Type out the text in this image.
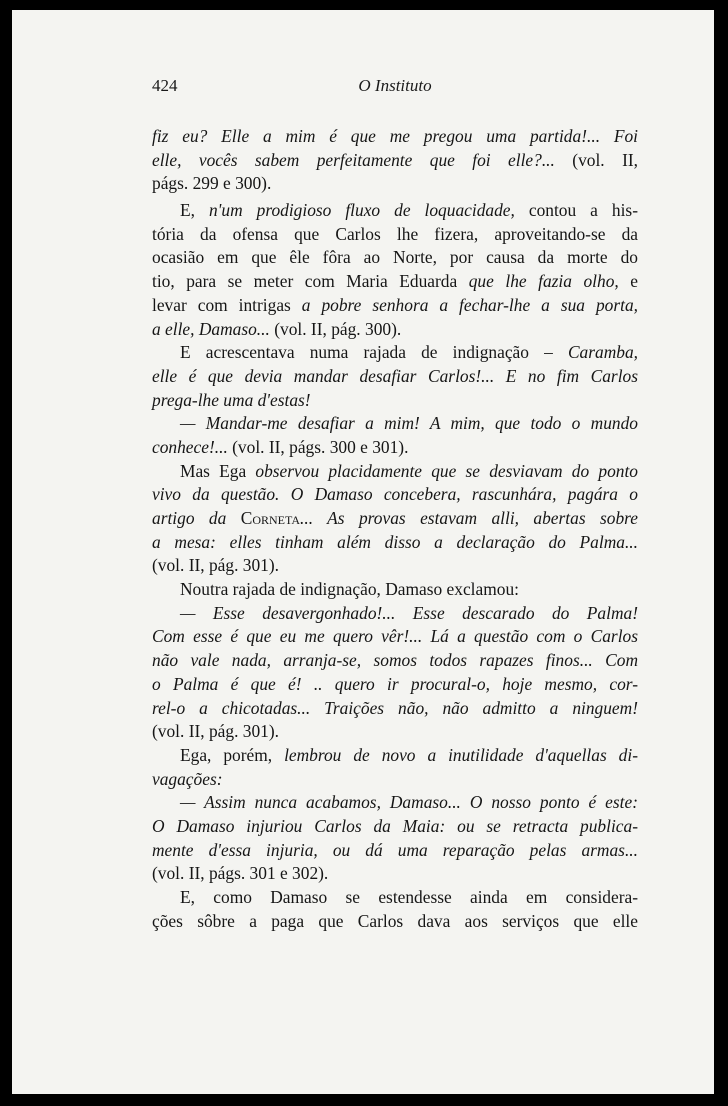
424	O Instituto
fiz eu? Elle a mim é que me pregou uma partida!... Foi
elle, vocês sabem perfeitamente que foi elle?... (vol. II,
págs. 299 e 300).
E, n'um prodigioso fluxo de loquacidade, contou a his-
tória da ofensa que Carlos lhe fizera, aproveitando-se da
ocasião em que êle fôra ao Norte, por causa da morte do
tio, para se meter com Maria Eduarda que lhe fazia olho, e
levar com intrigas a pobre senhora a fechar-lhe a sua porta,
a elle, Damaso... (vol. II, pág. 300).
E acrescentava numa rajada de indignação – Caramba,
elle é que devia mandar desafiar Carlos!... E no fim Carlos
prega-lhe uma d'estas!
— Mandar-me desafiar a mim! A mim, que todo o mundo
conhece!... (vol. II, págs. 300 e 301).
Mas Ega observou placidamente que se desviavam do ponto
vivo da questão. O Damaso concebera, rascunhára, pagára o
artigo da Corneta... As provas estavam alli, abertas sobre
a mesa: elles tinham além disso a declaração do Palma...
(vol. II, pág. 301).
Noutra rajada de indignação, Damaso exclamou:
— Esse desavergonhado!... Esse descarado do Palma!
Com esse é que eu me quero vêr!... Lá a questão com o Carlos
não vale nada, arranja-se, somos todos rapazes finos... Com
o Palma é que é! .. quero ir procural-o, hoje mesmo, cor-
rel-o a chicotadas... Traições não, não admitto a ninguem!
(vol. II, pág. 301).
Ega, porém, lembrou de novo a inutilidade d'aquellas di-
vagações:
— Assim nunca acabamos, Damaso... O nosso ponto é este:
O Damaso injuriou Carlos da Maia: ou se retracta publica-
mente d'essa injuria, ou dá uma reparação pelas armas...
(vol. II, págs. 301 e 302).
E, como Damaso se estendesse ainda em considera-
ções sôbre a paga que Carlos dava aos serviços que elle
